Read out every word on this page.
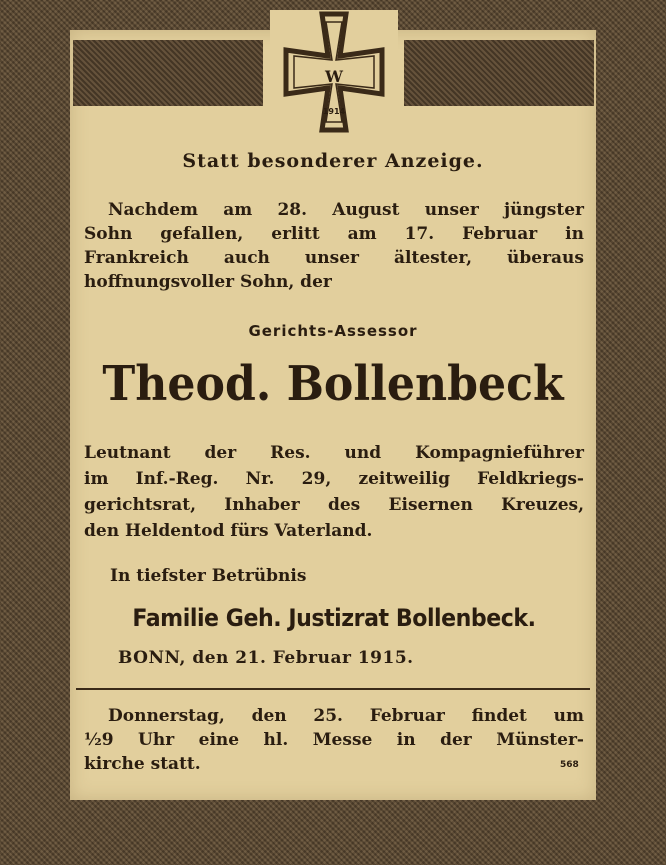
W
1914
Statt besonderer Anzeige.
Nachdem am 28. August unser jüngster
Sohn gefallen, erlitt am 17. Februar in
Frankreich auch unser ältester, überaus
hoffnungsvoller Sohn, der
Gerichts-Assessor
Theod. Bollenbeck
Leutnant der Res. und Kompagnieführer
im Inf.-Reg. Nr. 29, zeitweilig Feldkriegs-
gerichtsrat, Inhaber des Eisernen Kreuzes,
den Heldentod fürs Vaterland.
In tiefster Betrübnis
Familie Geh. Justizrat Bollenbeck.
BONN, den 21. Februar 1915.
Donnerstag, den 25. Februar findet um
½9 Uhr eine hl. Messe in der Münster-
kirche statt.	568
